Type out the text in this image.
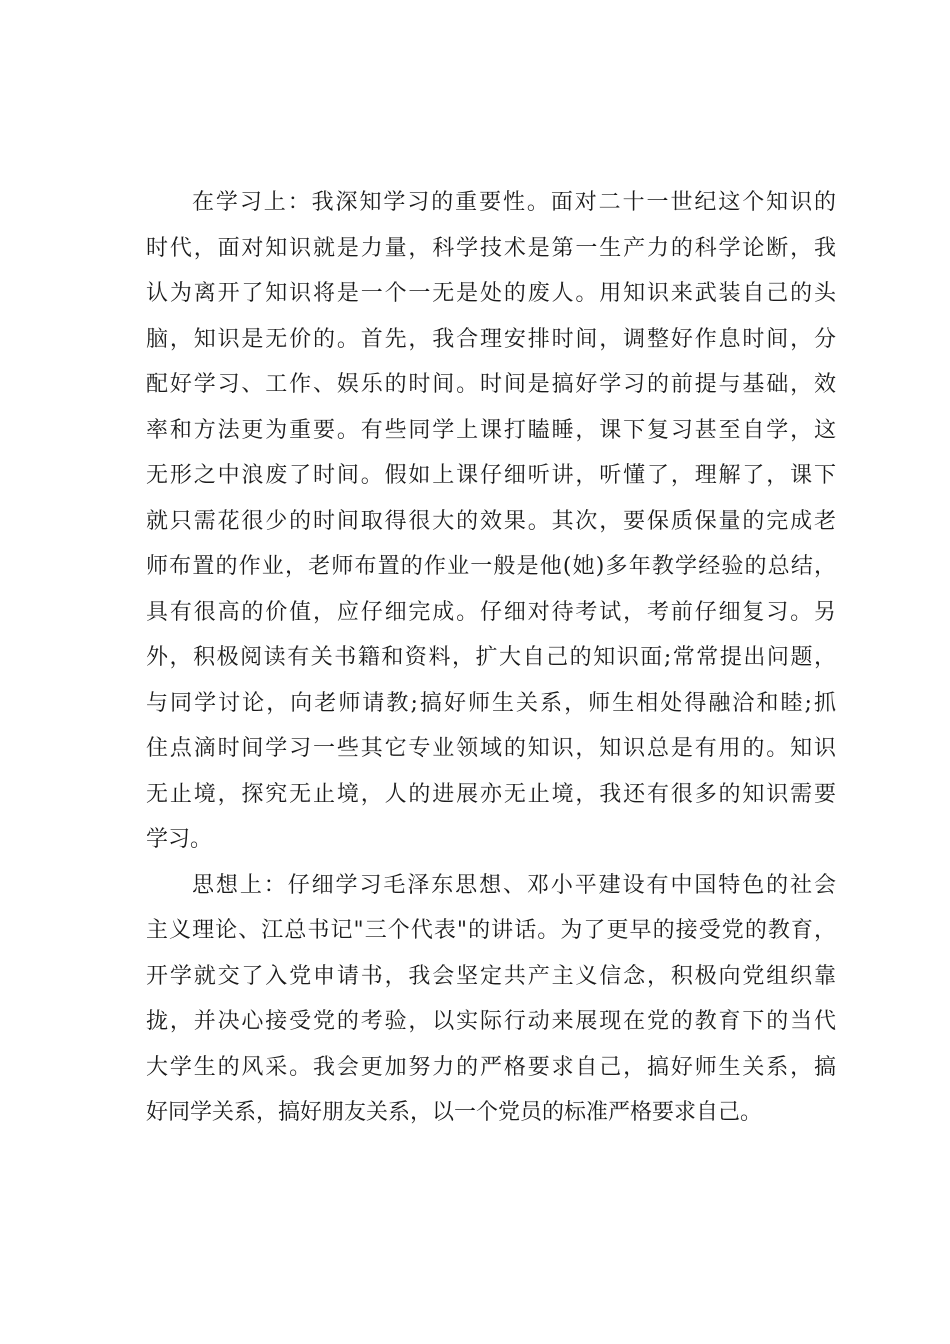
在学习上：我深知学习的重要性。面对二十一世纪这个知识的
时代，面对知识就是力量，科学技术是第一生产力的科学论断，我
认为离开了知识将是一个一无是处的废人。用知识来武装自己的头
脑，知识是无价的。首先，我合理安排时间，调整好作息时间，分
配好学习、工作、娱乐的时间。时间是搞好学习的前提与基础，效
率和方法更为重要。有些同学上课打瞌睡，课下复习甚至自学，这
无形之中浪废了时间。假如上课仔细听讲，听懂了，理解了，课下
就只需花很少的时间取得很大的效果。其次，要保质保量的完成老
师布置的作业，老师布置的作业一般是他(她)多年教学经验的总结，
具有很高的价值，应仔细完成。仔细对待考试，考前仔细复习。另
外，积极阅读有关书籍和资料，扩大自己的知识面;常常提出问题，
与同学讨论，向老师请教;搞好师生关系，师生相处得融洽和睦;抓
住点滴时间学习一些其它专业领域的知识，知识总是有用的。知识
无止境，探究无止境，人的进展亦无止境，我还有很多的知识需要
学习。
思想上：仔细学习毛泽东思想、邓小平建设有中国特色的社会
主义理论、江总书记"三个代表"的讲话。为了更早的接受党的教育，
开学就交了入党申请书，我会坚定共产主义信念，积极向党组织靠
拢，并决心接受党的考验，以实际行动来展现在党的教育下的当代
大学生的风采。我会更加努力的严格要求自己，搞好师生关系，搞
好同学关系，搞好朋友关系，以一个党员的标准严格要求自己。
